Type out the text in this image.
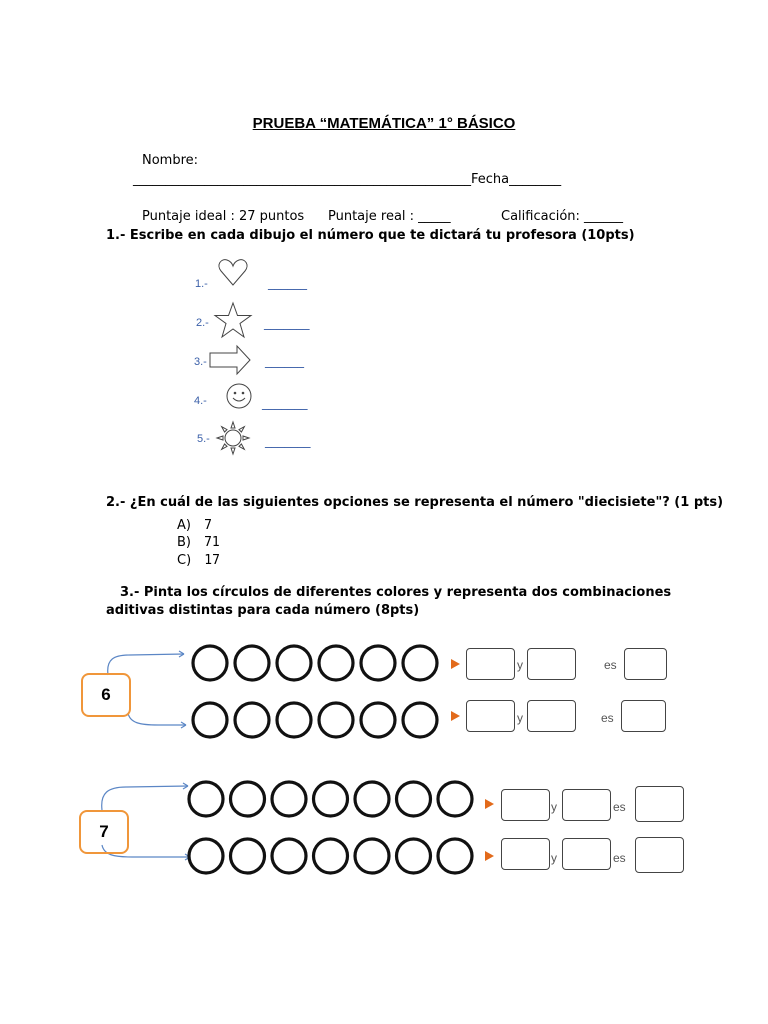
PRUEBA “MATEMÁTICA” 1° BÁSICO
Nombre:
____________________________________________________Fecha________
Puntaje ideal : 27 puntos Puntaje real : _____	Calificación: ______
1.- Escribe en cada dibujo el número que te dictará tu profesora (10pts)
1.-	______
2.-	_______
3.-	______
4.-	_______
5.-	_______
2.- ¿En cuál de las siguientes opciones se representa el número "diecisiete"? (1 pts)
A) 7
B) 71
C) 17
3.- Pinta los círculos de diferentes colores y representa dos combinaciones
aditivas distintas para cada número (8pts)
6
y	es
y	es
7
y	es
y	es
